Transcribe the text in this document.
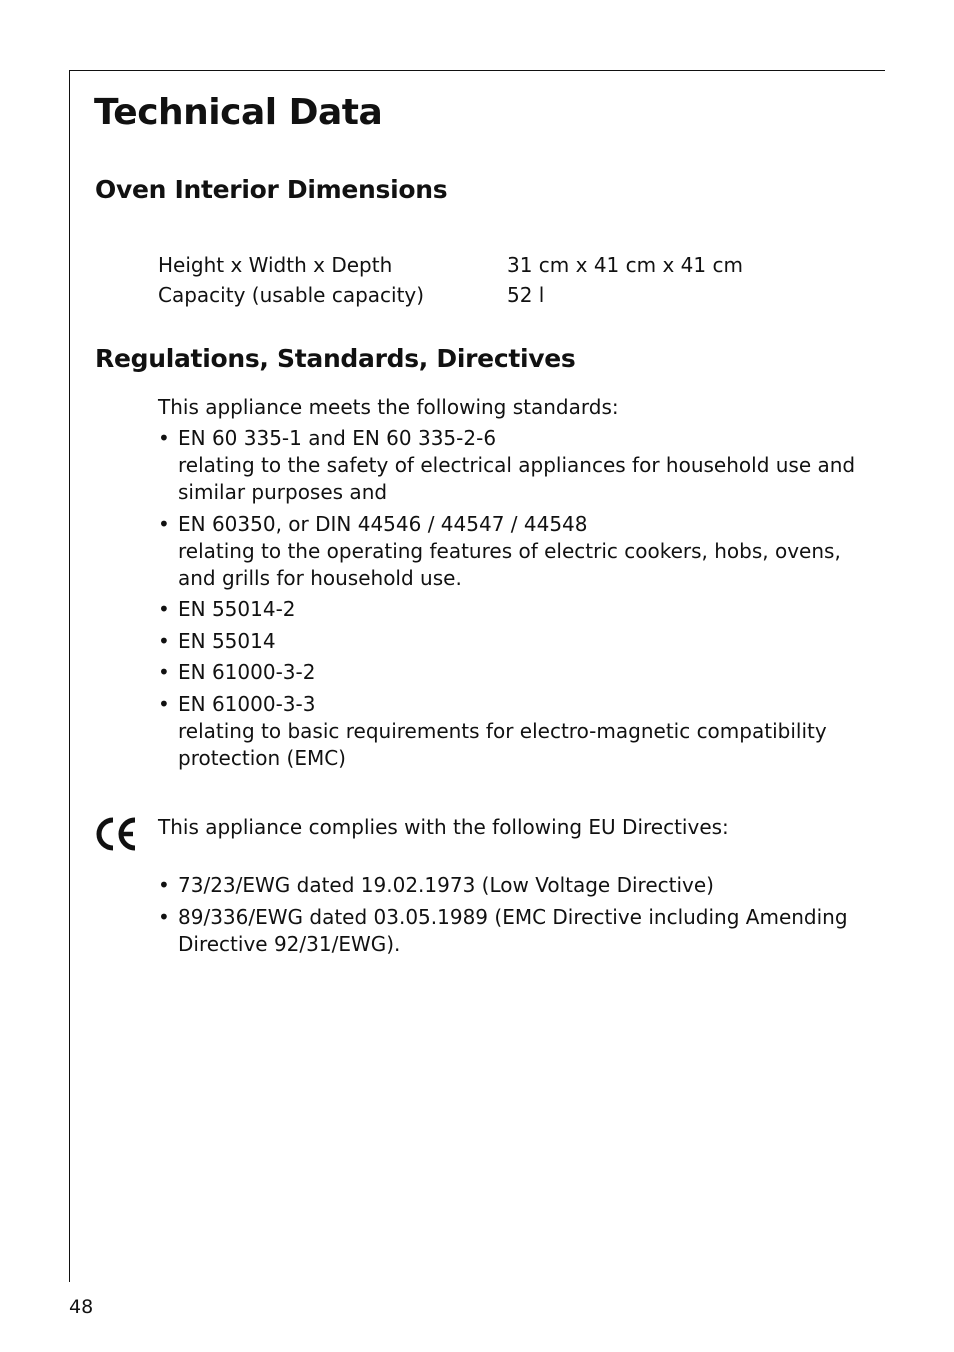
Technical Data
Oven Interior Dimensions
Height x Width x Depth	31 cm x 41 cm x 41 cm
Capacity (usable capacity)	52 l
Regulations, Standards, Directives
This appliance meets the following standards:
• EN 60 335-1 and EN 60 335-2-6
relating to the safety of electrical appliances for household use and
similar purposes and
• EN 60350, or DIN 44546 / 44547 / 44548
relating to the operating features of electric cookers, hobs, ovens,
and grills for household use.
• EN 55014-2
• EN 55014
• EN 61000-3-2
• EN 61000-3-3
relating to basic requirements for electro-magnetic compatibility
protection (EMC)
This appliance complies with the following EU Directives:
• 73/23/EWG dated 19.02.1973 (Low Voltage Directive)
• 89/336/EWG dated 03.05.1989 (EMC Directive including Amending
Directive 92/31/EWG).
48
